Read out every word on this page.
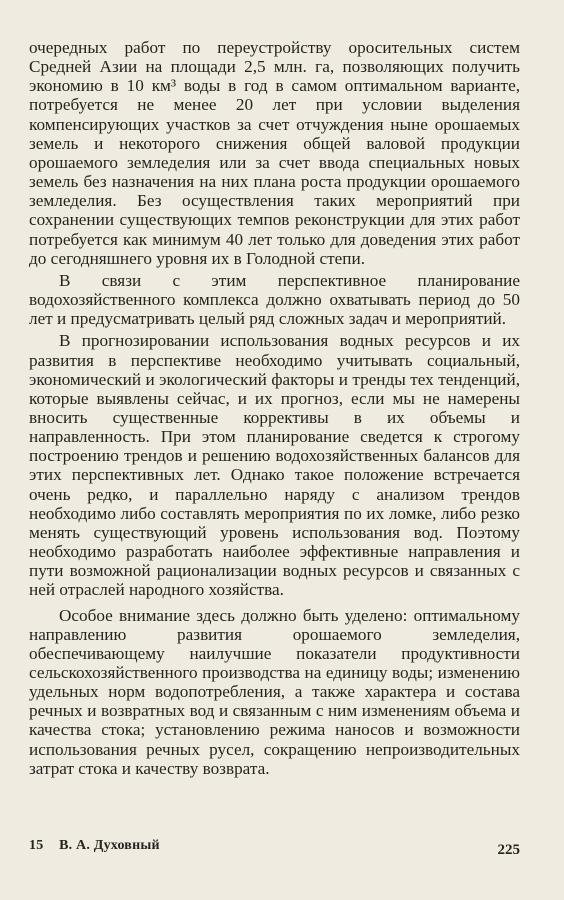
очередных работ по переустройству оросительных систем Средней Азии на площади 2,5 млн. га, позволяющих получить экономию в 10 км³ воды в год в самом оптимальном варианте, потребуется не менее 20 лет при условии выделения компенсирующих участков за счет отчуждения ныне орошаемых земель и некоторого снижения общей валовой продукции орошаемого земледелия или за счет ввода специальных новых земель без назначения на них плана роста продукции орошаемого земледелия. Без осуществления таких мероприятий при сохранении существующих темпов реконструкции для этих работ потребуется как минимум 40 лет только для доведения этих работ до сегодняшнего уровня их в Голодной степи.

В связи с этим перспективное планирование водохозяйственного комплекса должно охватывать период до 50 лет и предусматривать целый ряд сложных задач и мероприятий.

В прогнозировании использования водных ресурсов и их развития в перспективе необходимо учитывать социальный, экономический и экологический факторы и тренды тех тенденций, которые выявлены сейчас, и их прогноз, если мы не намерены вносить существенные коррективы в их объемы и направленность. При этом планирование сведется к строгому построению трендов и решению водохозяйственных балансов для этих перспективных лет. Однако такое положение встречается очень редко, и параллельно наряду с анализом трендов необходимо либо составлять мероприятия по их ломке, либо резко менять существующий уровень использования вод. Поэтому необходимо разработать наиболее эффективные направления и пути возможной рационализации водных ресурсов и связанных с ней отраслей народного хозяйства.

Особое внимание здесь должно быть уделено: оптимальному направлению развития орошаемого земледелия, обеспечивающему наилучшие показатели продуктивности сельскохозяйственного производства на единицу воды; изменению удельных норм водопотребления, а также характера и состава речных и возвратных вод и связанным с ним изменениям объема и качества стока; установлению режима наносов и возможности использования речных русел, сокращению непроизводительных затрат стока и качеству возврата.

15 В. А. Духовный	225
